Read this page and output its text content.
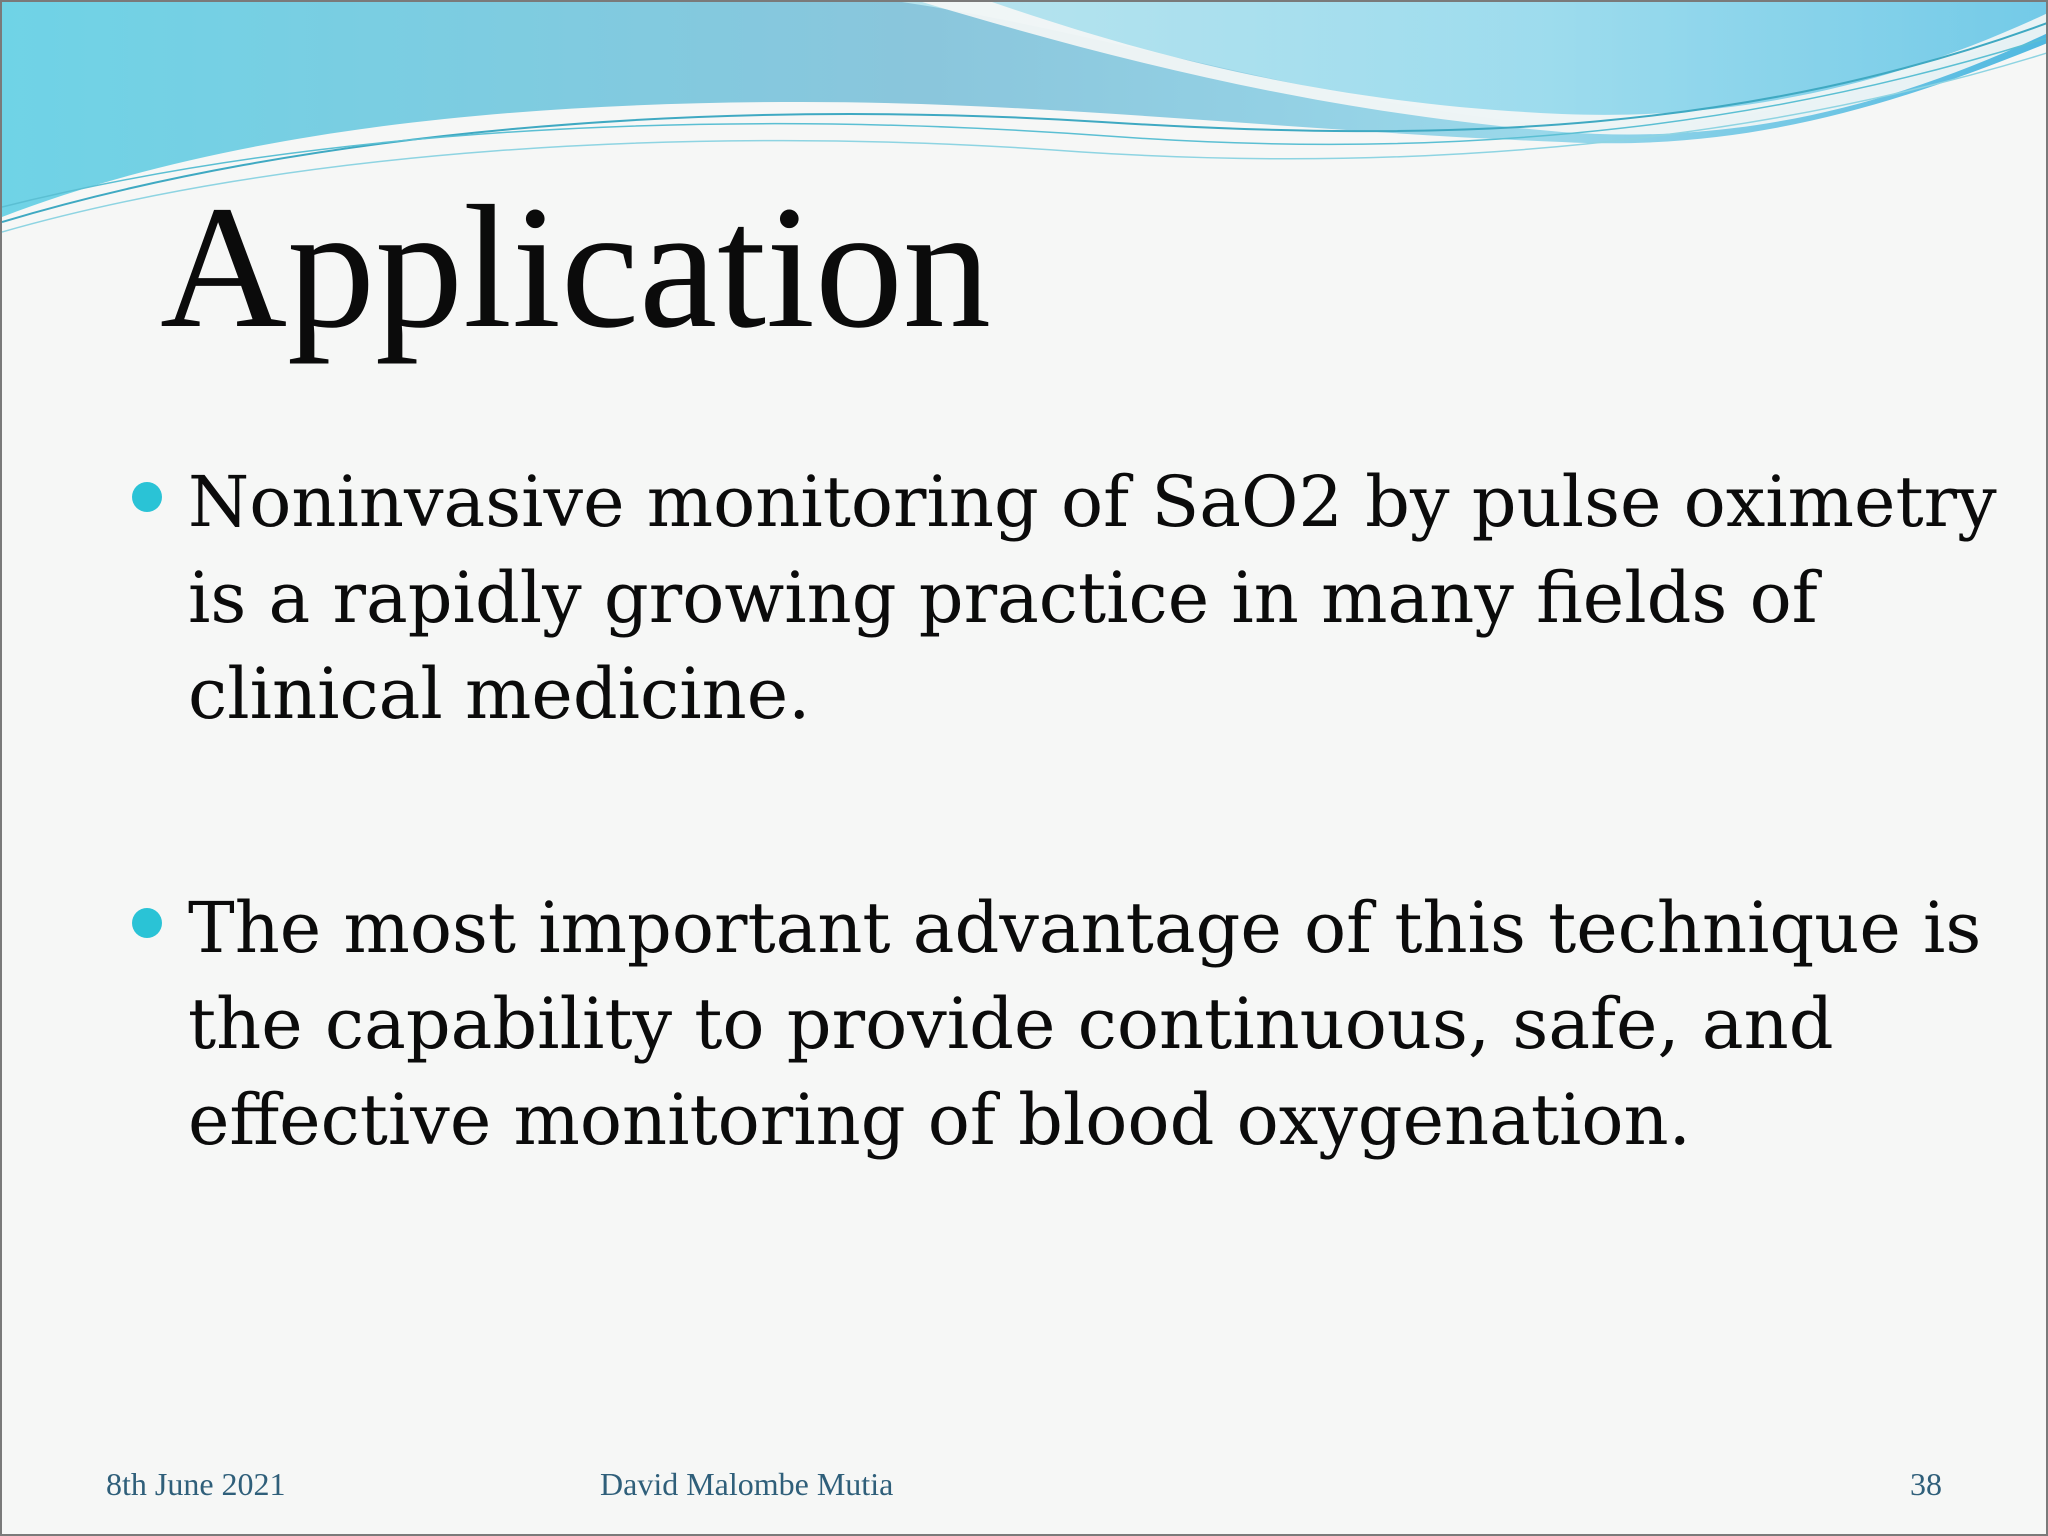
Application
Noninvasive monitoring of SaO2 by pulse oximetry
is a rapidly growing practice in many fields of
clinical medicine.
The most important advantage of this technique is
the capability to provide continuous, safe, and
effective monitoring of blood oxygenation.
8th June 2021	David Malombe Mutia	38
